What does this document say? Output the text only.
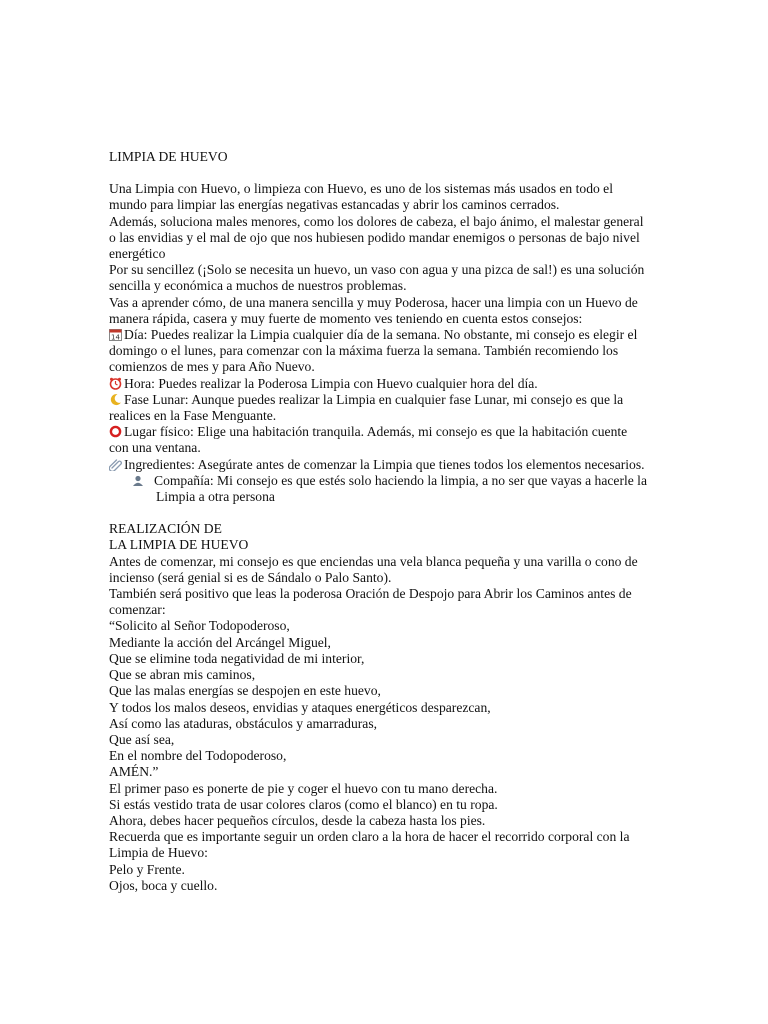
LIMPIA DE HUEVO

Una Limpia con Huevo, o limpieza con Huevo, es uno de los sistemas más usados en todo el mundo para limpiar las energías negativas estancadas y abrir los caminos cerrados.

Además, soluciona males menores, como los dolores de cabeza, el bajo ánimo, el malestar general o las envidias y el mal de ojo que nos hubiesen podido mandar enemigos o personas de bajo nivel energético

Por su sencillez (¡Solo se necesita un huevo, un vaso con agua y una pizca de sal!) es una solución sencilla y económica a muchos de nuestros problemas.

Vas a aprender cómo, de una manera sencilla y muy Poderosa, hacer una limpia con un Huevo de manera rápida, casera y muy fuerte de momento ves teniendo en cuenta estos consejos:

14 Día: Puedes realizar la Limpia cualquier día de la semana. No obstante, mi consejo es elegir el domingo o el lunes, para comenzar con la máxima fuerza la semana. También recomiendo los comienzos de mes y para Año Nuevo.

Hora: Puedes realizar la Poderosa Limpia con Huevo cualquier hora del día.

Fase Lunar: Aunque puedes realizar la Limpia en cualquier fase Lunar, mi consejo es que la realices en la Fase Menguante.

Lugar físico: Elige una habitación tranquila. Además, mi consejo es que la habitación cuente con una ventana.

Ingredientes: Asegúrate antes de comenzar la Limpia que tienes todos los elementos necesarios.

Compañía: Mi consejo es que estés solo haciendo la limpia, a no ser que vayas a hacerle la Limpia a otra persona

REALIZACIÓN DE

LA LIMPIA DE HUEVO

Antes de comenzar, mi consejo es que enciendas una vela blanca pequeña y una varilla o cono de incienso (será genial si es de Sándalo o Palo Santo).

También será positivo que leas la poderosa Oración de Despojo para Abrir los Caminos antes de comenzar:

“Solicito al Señor Todopoderoso,

Mediante la acción del Arcángel Miguel,

Que se elimine toda negatividad de mi interior,

Que se abran mis caminos,

Que las malas energías se despojen en este huevo,

Y todos los malos deseos, envidias y ataques energéticos desparezcan,

Así como las ataduras, obstáculos y amarraduras,

Que así sea,

En el nombre del Todopoderoso,

AMÉN.”

El primer paso es ponerte de pie y coger el huevo con tu mano derecha.

Si estás vestido trata de usar colores claros (como el blanco) en tu ropa.

Ahora, debes hacer pequeños círculos, desde la cabeza hasta los pies.

Recuerda que es importante seguir un orden claro a la hora de hacer el recorrido corporal con la Limpia de Huevo:

Pelo y Frente.

Ojos, boca y cuello.
